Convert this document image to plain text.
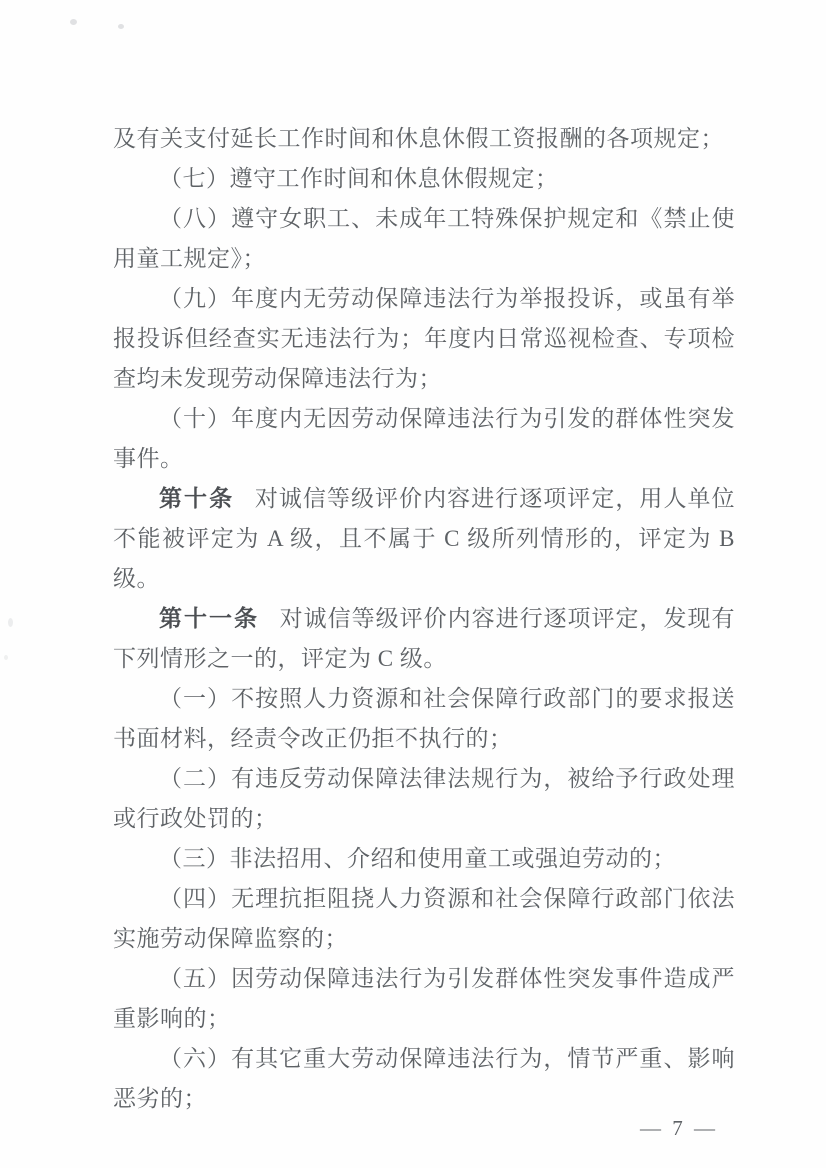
及有关支付延长工作时间和休息休假工资报酬的各项规定；

（七）遵守工作时间和休息休假规定；

（八）遵守女职工、未成年工特殊保护规定和《禁止使用童工规定》；

（九）年度内无劳动保障违法行为举报投诉，或虽有举报投诉但经查实无违法行为；年度内日常巡视检查、专项检查均未发现劳动保障违法行为；

（十）年度内无因劳动保障违法行为引发的群体性突发事件。

第十条 对诚信等级评价内容进行逐项评定，用人单位不能被评定为 A 级，且不属于 C 级所列情形的，评定为 B 级。

第十一条 对诚信等级评价内容进行逐项评定，发现有下列情形之一的，评定为 C 级。

（一）不按照人力资源和社会保障行政部门的要求报送书面材料，经责令改正仍拒不执行的；

（二）有违反劳动保障法律法规行为，被给予行政处理或行政处罚的；

（三）非法招用、介绍和使用童工或强迫劳动的；

（四）无理抗拒阻挠人力资源和社会保障行政部门依法实施劳动保障监察的；

（五）因劳动保障违法行为引发群体性突发事件造成严重影响的；

（六）有其它重大劳动保障违法行为，情节严重、影响恶劣的；

— 7 —
